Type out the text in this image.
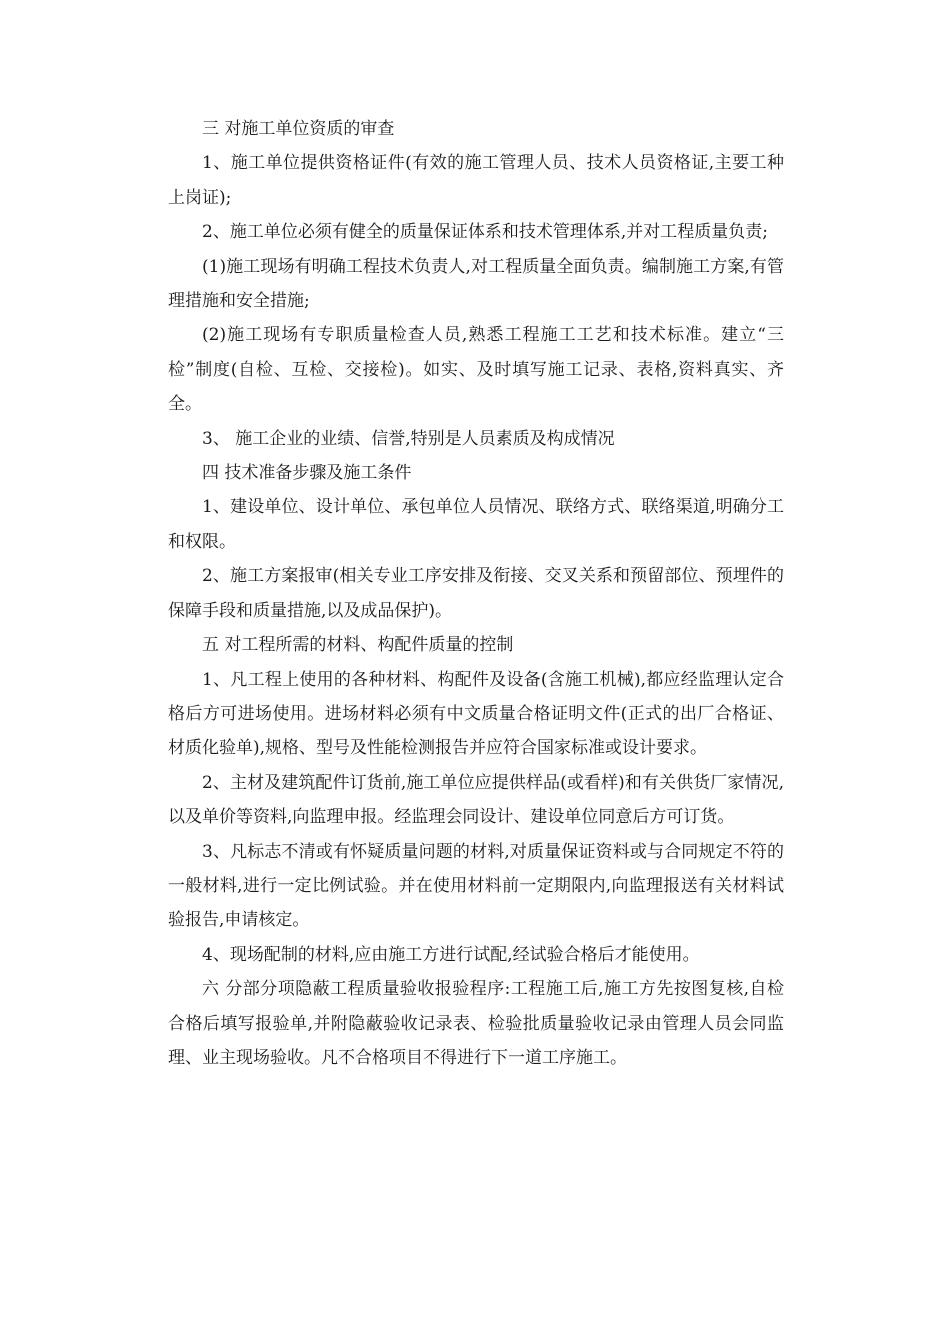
三 对施工单位资质的审查

1、施工单位提供资格证件(有效的施工管理人员、技术人员资格证,主要工种上岗证);

2、施工单位必须有健全的质量保证体系和技术管理体系,并对工程质量负责;

(1)施工现场有明确工程技术负责人,对工程质量全面负责。编制施工方案,有管理措施和安全措施;

(2)施工现场有专职质量检查人员,熟悉工程施工工艺和技术标准。建立“三检”制度(自检、互检、交接检)。如实、及时填写施工记录、表格,资料真实、齐全。

3、 施工企业的业绩、信誉,特别是人员素质及构成情况

四 技术准备步骤及施工条件

1、建设单位、设计单位、承包单位人员情况、联络方式、联络渠道,明确分工和权限。

2、施工方案报审(相关专业工序安排及衔接、交叉关系和预留部位、预埋件的保障手段和质量措施,以及成品保护)。

五 对工程所需的材料、构配件质量的控制

1、凡工程上使用的各种材料、构配件及设备(含施工机械),都应经监理认定合格后方可进场使用。进场材料必须有中文质量合格证明文件(正式的出厂合格证、材质化验单),规格、型号及性能检测报告并应符合国家标准或设计要求。

2、主材及建筑配件订货前,施工单位应提供样品(或看样)和有关供货厂家情况,以及单价等资料,向监理申报。经监理会同设计、建设单位同意后方可订货。

3、凡标志不清或有怀疑质量问题的材料,对质量保证资料或与合同规定不符的一般材料,进行一定比例试验。并在使用材料前一定期限内,向监理报送有关材料试验报告,申请核定。

4、现场配制的材料,应由施工方进行试配,经试验合格后才能使用。

六 分部分项隐蔽工程质量验收报验程序:工程施工后,施工方先按图复核,自检合格后填写报验单,并附隐蔽验收记录表、检验批质量验收记录由管理人员会同监理、业主现场验收。凡不合格项目不得进行下一道工序施工。
